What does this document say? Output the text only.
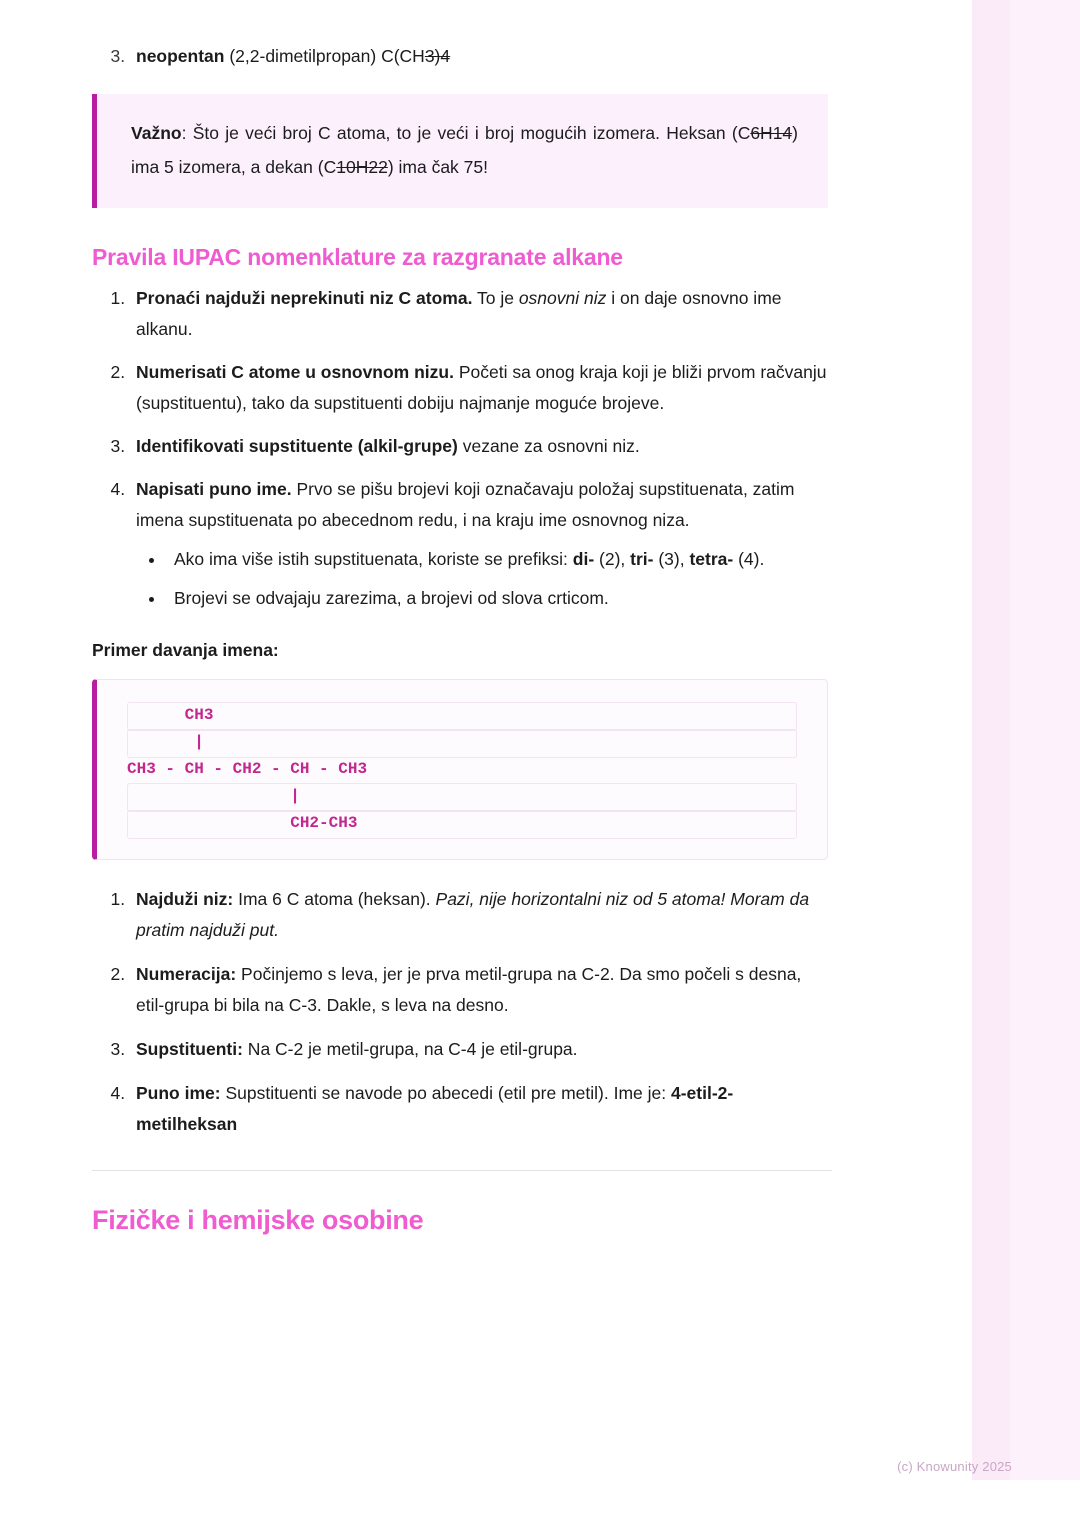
3. neopentan (2,2-dimetilpropan) C(CH3)4

Važno: Što je veći broj C atoma, to je veći i broj mogućih izomera. Heksan (C6H14) ima 5 izomera, a dekan (C10H22) ima čak 75!

Pravila IUPAC nomenklature za razgranate alkane
1. Pronaći najduži neprekinuti niz C atoma. To je osnovni niz i on daje osnovno ime alkanu.
2. Numerisati C atome u osnovnom nizu. Početi sa onog kraja koji je bliži prvom račvanju (supstituentu), tako da supstituenti dobiju najmanje moguće brojeve.
3. Identifikovati supstituente (alkil-grupe) vezane za osnovni niz.
4. Napisati puno ime. Prvo se pišu brojevi koji označavaju položaj supstituenata, zatim imena supstituenata po abecednom redu, i na kraju ime osnovnog niza.
• Ako ima više istih supstituenata, koriste se prefiksi: di- (2), tri- (3), tetra- (4).
• Brojevi se odvajaju zarezima, a brojevi od slova crticom.

Primer davanja imena:

CH3
|
CH3 - CH - CH2 - CH - CH3
|
CH2-CH3
1. Najduži niz: Ima 6 C atoma (heksan). Pazi, nije horizontalni niz od 5 atoma! Moram da pratim najduži put.
2. Numeracija: Počinjemo s leva, jer je prva metil-grupa na C-2. Da smo počeli s desna, etil-grupa bi bila na C-3. Dakle, s leva na desno.
3. Supstituenti: Na C-2 je metil-grupa, na C-4 je etil-grupa.
4. Puno ime: Supstituenti se navode po abecedi (etil pre metil). Ime je: 4-etil-2-metilheksan
Fizičke i hemijske osobine
(c) Knowunity 2025
